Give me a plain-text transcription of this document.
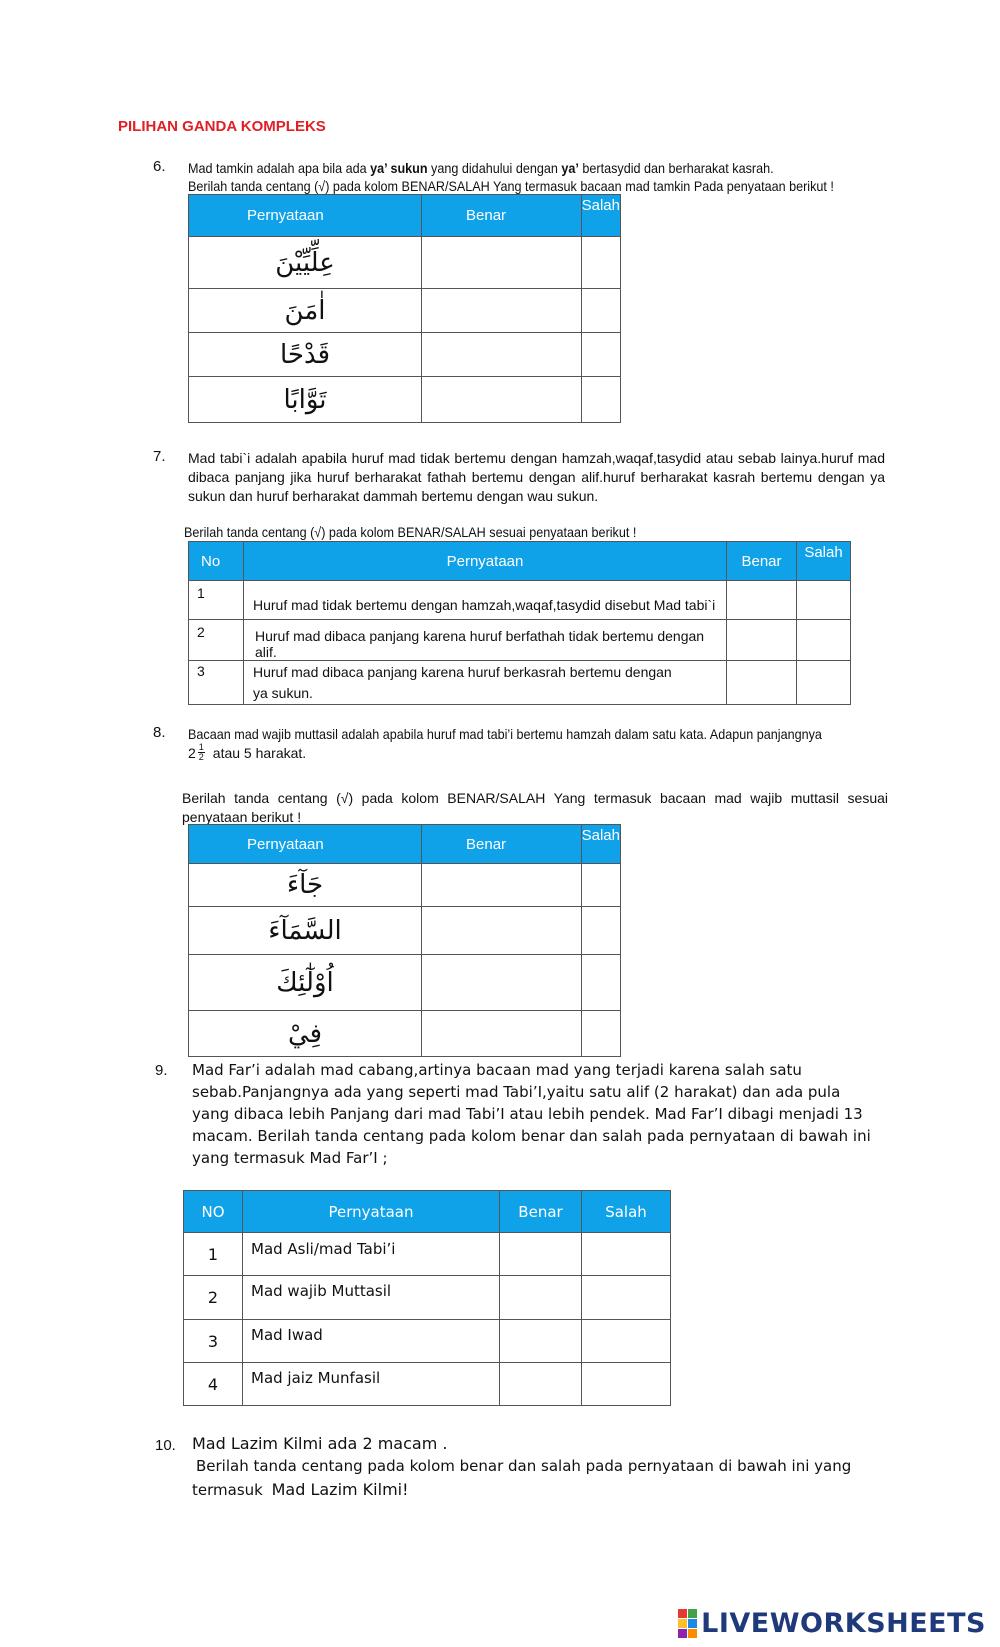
PILIHAN GANDA KOMPLEKS
6. Mad tamkin adalah apa bila ada ya’ sukun yang didahului dengan ya’ bertasydid dan berharakat kasrah.
Berilah tanda centang (√) pada kolom BENAR/SALAH Yang termasuk bacaan mad tamkin Pada penyataan berikut !
Pernyataan	Benar	Salah
عِلِّيِّيْنَ		
اٰمَنَ		
قَدْحًا		
تَوَّابًا		
7. Mad tabi`i adalah apabila huruf mad tidak bertemu dengan hamzah,waqaf,tasydid atau sebab lainya.huruf mad dibaca panjang jika huruf berharakat fathah bertemu dengan alif.huruf berharakat kasrah bertemu dengan ya sukun dan huruf berharakat dammah bertemu dengan wau sukun.
Berilah tanda centang (√) pada kolom BENAR/SALAH sesuai penyataan berikut !
No	Pernyataan	Benar	Salah
1	Huruf mad tidak bertemu dengan hamzah,waqaf,tasydid disebut Mad tabi`i		
2	Huruf mad dibaca panjang karena huruf berfathah tidak bertemu dengan alif.		
3	Huruf mad dibaca panjang karena huruf berkasrah bertemu dengan ya sukun.		
8. Bacaan mad wajib muttasil adalah apabila huruf mad tabi’i bertemu hamzah dalam satu kata. Adapun panjangnya
2 1
2 atau 5 harakat.
Berilah tanda centang (√) pada kolom BENAR/SALAH Yang termasuk bacaan mad wajib muttasil sesuai penyataan berikut !
Pernyataan	Benar	Salah
جَآءَ		
السَّمَآءَ		
اُوْلٰٓئِكَ		
فِيْ		
9. Mad Far’i adalah mad cabang,artinya bacaan mad yang terjadi karena salah satu sebab.Panjangnya ada yang seperti mad Tabi’I,yaitu satu alif (2 harakat) dan ada pula yang dibaca lebih Panjang dari mad Tabi’I atau lebih pendek. Mad Far’I dibagi menjadi 13 macam. Berilah tanda centang pada kolom benar dan salah pada pernyataan di bawah ini yang termasuk Mad Far’I ;
NO	Pernyataan	Benar	Salah
1	Mad Asli/mad Tabi’i		
2	Mad wajib Muttasil		
3	Mad Iwad		
4	Mad jaiz Munfasil		
10. Mad Lazim Kilmi ada 2 macam .
Berilah tanda centang pada kolom benar dan salah pada pernyataan di bawah ini yang
termasuk Mad Lazim Kilmi!
LIVEWORKSHEETS
